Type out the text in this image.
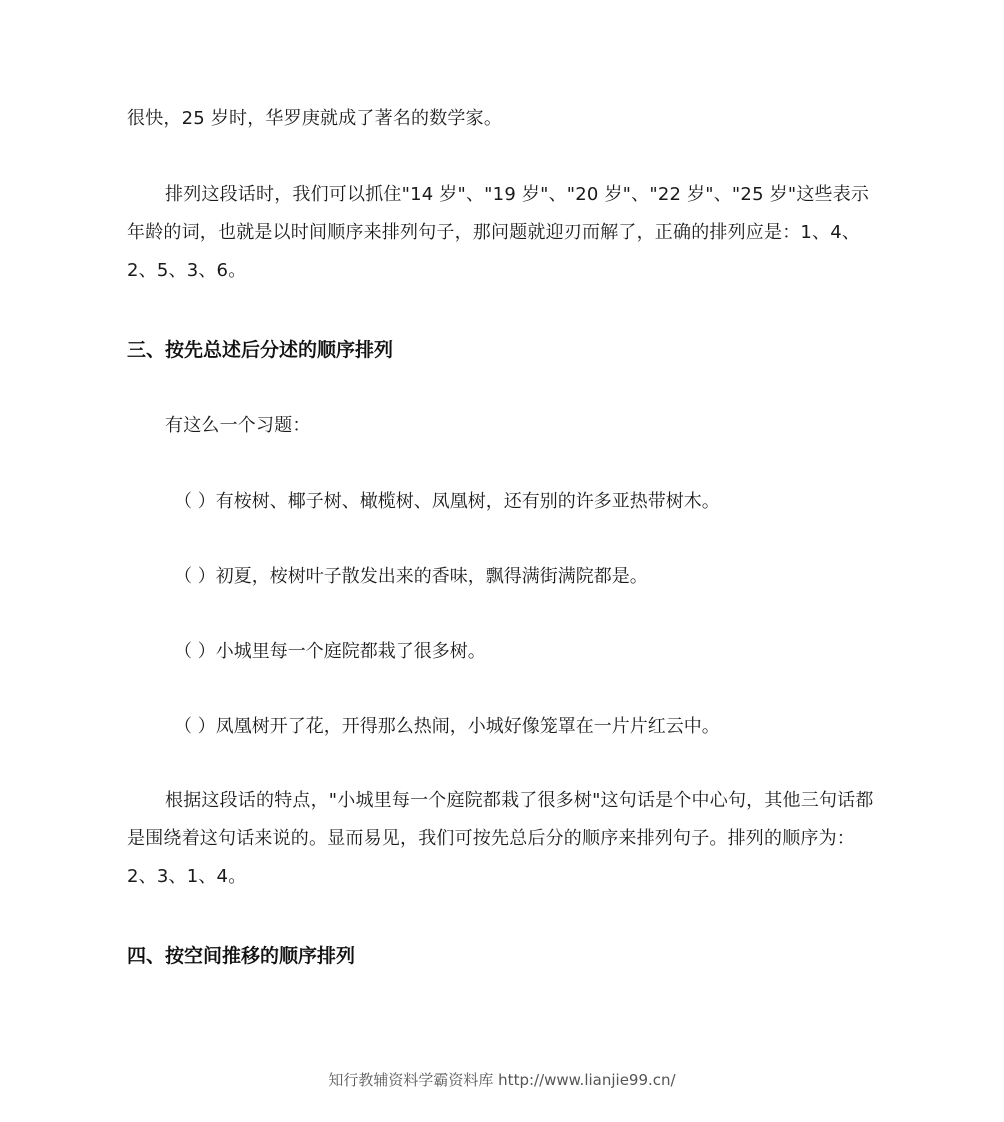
很快，25 岁时，华罗庚就成了著名的数学家。

排列这段话时，我们可以抓住"14 岁"、"19 岁"、"20 岁"、"22 岁"、"25 岁"这些表示年龄的词，也就是以时间顺序来排列句子，那问题就迎刃而解了，正确的排列应是：1、4、2、5、3、6。

三、按先总述后分述的顺序排列

有这么一个习题：

（ ）有桉树、椰子树、橄榄树、凤凰树，还有别的许多亚热带树木。

（ ）初夏，桉树叶子散发出来的香味，飘得满街满院都是。

（ ）小城里每一个庭院都栽了很多树。

（ ）凤凰树开了花，开得那么热闹，小城好像笼罩在一片片红云中。

根据这段话的特点，"小城里每一个庭院都栽了很多树"这句话是个中心句，其他三句话都是围绕着这句话来说的。显而易见，我们可按先总后分的顺序来排列句子。排列的顺序为：2、3、1、4。

四、按空间推移的顺序排列

知行教辅资料学霸资料库 http://www.lianjie99.cn/
